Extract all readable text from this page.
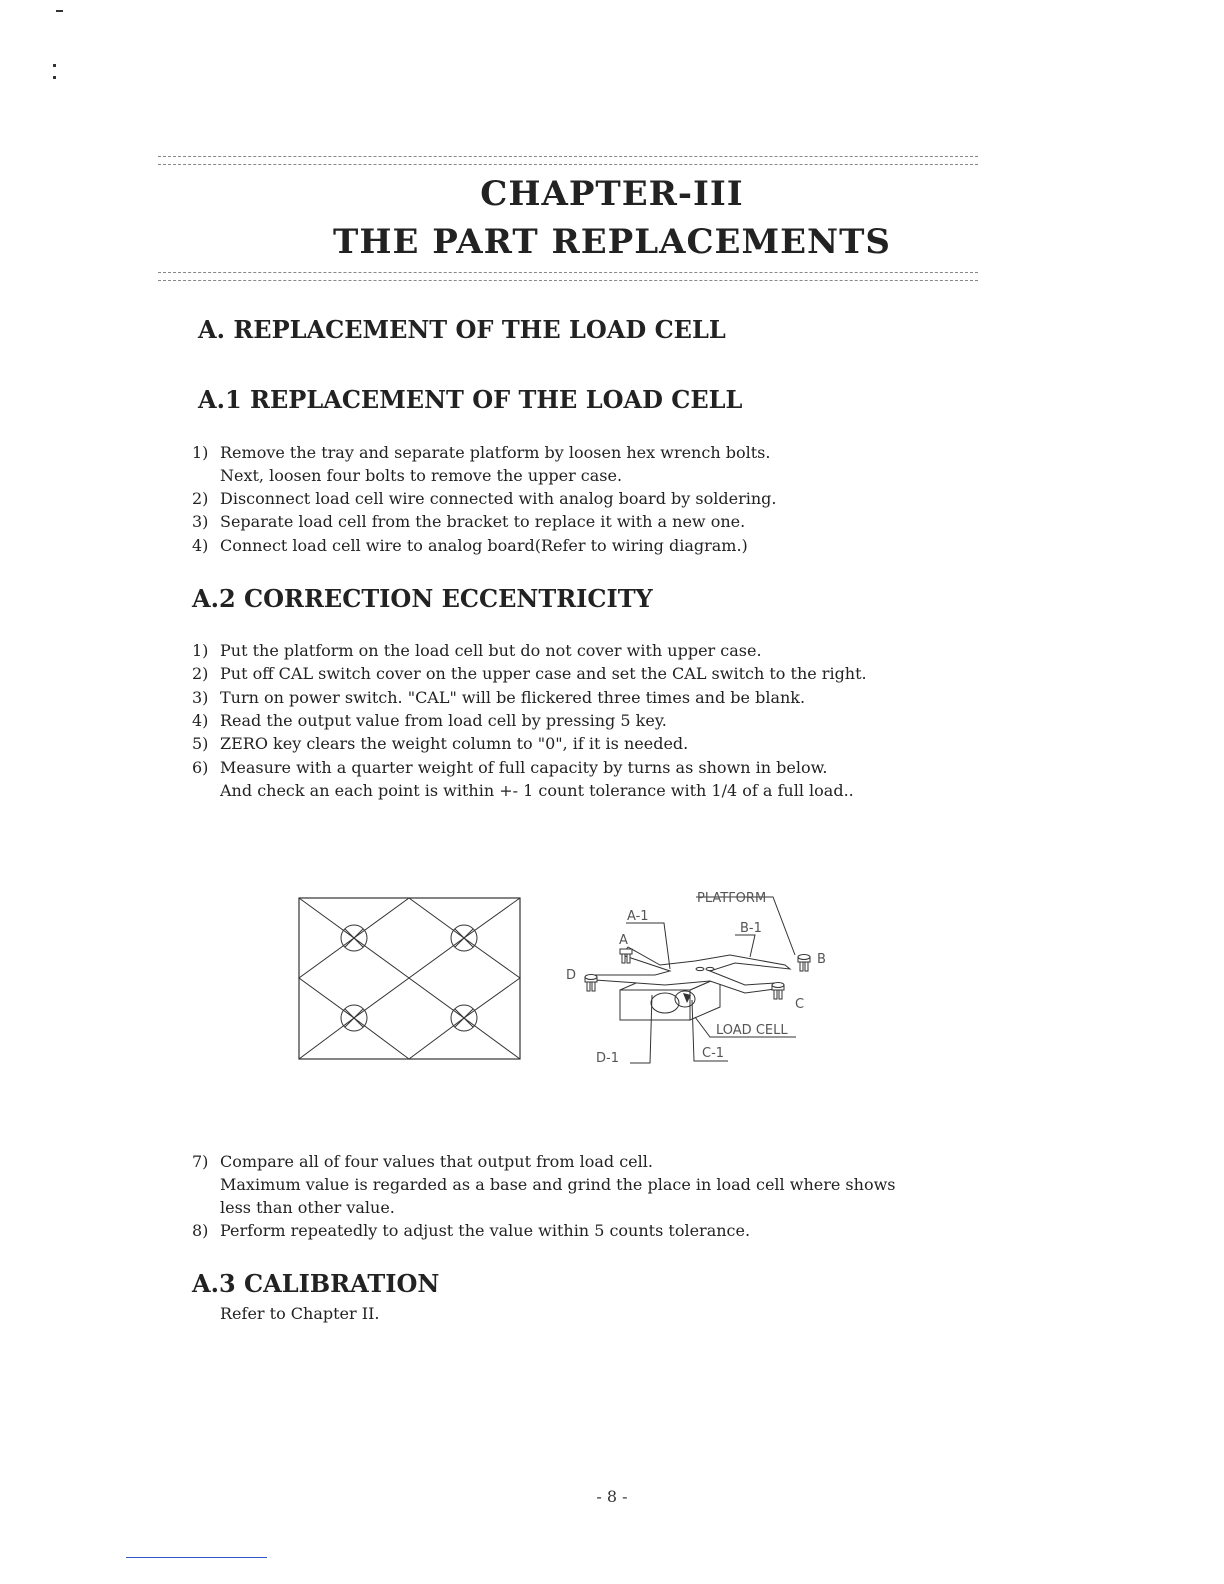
CHAPTER-III
THE PART REPLACEMENTS
A. REPLACEMENT OF THE LOAD CELL
A.1 REPLACEMENT OF THE LOAD CELL
1) Remove the tray and separate platform by loosen hex wrench bolts.
Next, loosen four bolts to remove the upper case.
2) Disconnect load cell wire connected with analog board by soldering.
3) Separate load cell from the bracket to replace it with a new one.
4) Connect load cell wire to analog board(Refer to wiring diagram.)
A.2 CORRECTION ECCENTRICITY
1) Put the platform on the load cell but do not cover with upper case.
2) Put off CAL switch cover on the upper case and set the CAL switch to the right.
3) Turn on power switch. "CAL" will be flickered three times and be blank.
4) Read the output value from load cell by pressing 5 key.
5) ZERO key clears the weight column to "0", if it is needed.
6) Measure with a quarter weight of full capacity by turns as shown in below.
And check an each point is within +- 1 count tolerance with 1/4 of a full load..
PLATFORM
A-1
B-1
A
B
C
D
LOAD CELL
D-1	C-1
7) Compare all of four values that output from load cell.
Maximum value is regarded as a base and grind the place in load cell where shows
less than other value.
8) Perform repeatedly to adjust the value within 5 counts tolerance.
A.3 CALIBRATION
Refer to Chapter II.
- 8 -
